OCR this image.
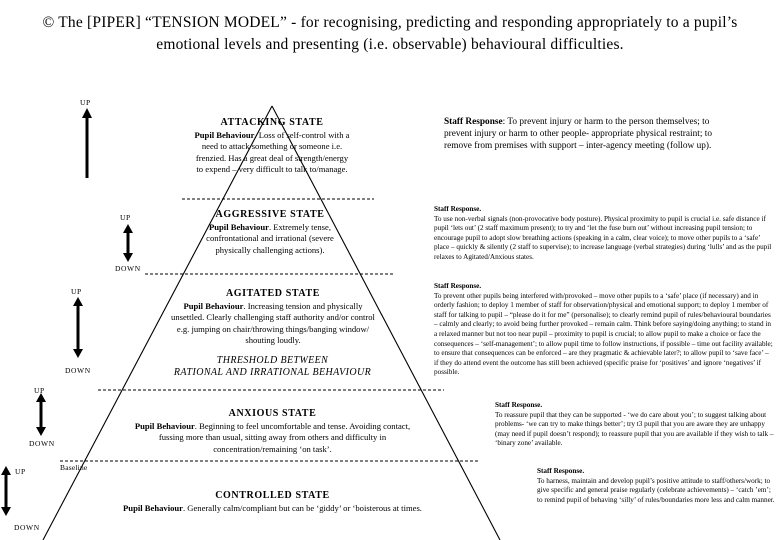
© The [PIPER] “TENSION MODEL” - for recognising, predicting and responding appropriately to a pupil’s
emotional levels and presenting (i.e. observable) behavioural difficulties.
UP
UP
DOWN
UP
DOWN
UP
DOWN
UP	Baseline
DOWN
ATTACKING STATE
Pupil Behaviour. Loss of self-control with a need to attack something or someone i.e. frenzied. Has a great deal of strength/energy to expend – very difficult to talk to/manage.
AGGRESSIVE STATE
Pupil Behaviour. Extremely tense, confrontational and irrational (severe physically challenging actions).
AGITATED STATE
Pupil Behaviour. Increasing tension and physically unsettled. Clearly challenging staff authority and/or control e.g. jumping on chair/throwing things/banging window/ shouting loudly.
THRESHOLD BETWEEN
RATIONAL AND IRRATIONAL BEHAVIOUR
ANXIOUS STATE
Pupil Behaviour. Beginning to feel uncomfortable and tense. Avoiding contact, fussing more than usual, sitting away from others and difficulty in concentration/remaining ‘on task’.
CONTROLLED STATE
Pupil Behaviour. Generally calm/compliant but can be ‘giddy’ or ‘boisterous at times.
Staff Response: To prevent injury or harm to the person themselves; to prevent injury or harm to other people- appropriate physical restraint; to remove from premises with support – inter-agency meeting (follow up).
Staff Response.
To use non-verbal signals (non-provocative body posture). Physical proximity to pupil is crucial i.e. safe distance if pupil ‘lets out’ (2 staff maximum present); to try and ‘let the fuse burn out’ without increasing pupil tension; to encourage pupil to adopt slow breathing actions (speaking in a calm, clear voice); to move other pupils to a ‘safe’ place – quickly & silently (2 staff to supervise); to increase language (verbal strategies) during ‘lulls’ and as the pupil relaxes to Agitated/Anxious states.
Staff Response.
To prevent other pupils being interfered with/provoked – move other pupils to a ‘safe’ place (if necessary) and in orderly fashion; to deploy 1 member of staff for observation/physical and emotional support; to deploy 1 member of staff for talking to pupil – “please do it for me” (personalise); to clearly remind pupil of rules/behavioural boundaries – calmly and clearly; to avoid being further provoked – remain calm. Think before saying/doing anything; to stand in a relaxed manner but not too near pupil – proximity to pupil is crucial; to allow pupil to make a choice or face the consequences – ‘self-management’; to allow pupil time to follow instructions, if possible – time out facility available; to ensure that consequences can be enforced – are they pragmatic & achievable later?; to allow pupil to ‘save face’ – if they do attend event the outcome has still been achieved (specific praise for ‘positives’ and ignore ‘negatives’ if possible.
Staff Response.
To reassure pupil that they can be supported - ‘we do care about you’; to suggest talking about problems- ‘we can try to make things better’; try t3 pupil that you are aware they are unhappy (may need if pupil doesn’t respond); to reassure pupil that you are available if they wish to talk – ‘binary zone’ available.
Staff Response.
To harness, maintain and develop pupil’s positive attitude to staff/others/work; to give specific and general praise regularly (celebrate achievements) – ‘catch ’em’; to remind pupil of behaving ‘silly’ of rules/boundaries more less and calm manner.
